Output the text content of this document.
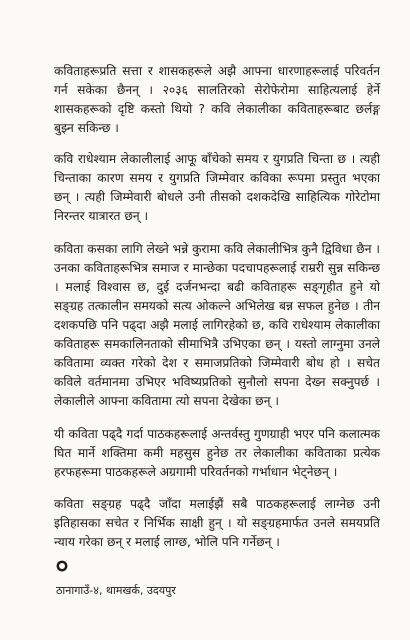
कविताहरूप्रति सत्ता र शासकहरूले अझै आफ्ना धारणाहरूलाई परिवर्तन गर्न सकेका छैनन् । २०३६ सालतिरको सेरोफेरोमा साहित्यलाई हेर्ने शासकहरूको दृष्टि कस्तो थियो ? कवि लेकालीका कविताहरूबाट छर्लङ्ग बुझ्न सकिन्छ ।

कवि राधेश्याम लेकालीलाई आफू बाँचेको समय र युगप्रति चिन्ता छ । त्यही चिन्ताका कारण समय र युगप्रति जिम्मेवार कविका रूपमा प्रस्तुत भएका छन् । त्यही जिम्मेवारी बोधले उनी तीसको दशकदेखि साहित्यिक गोरेटोमा निरन्तर यात्रारत छन् ।

कविता कसका लागि लेख्ने भन्ने कुरामा कवि लेकालीभित्र कुनै द्विविधा छैन । उनका कविताहरूभित्र समाज र मान्छेका पदचापहरूलाई राम्ररी सुन्न सकिन्छ । मलाई विश्वास छ, दुई दर्जनभन्दा बढी कविताहरू सङ्गृहीत हुने यो सङ्ग्रह तत्कालीन समयको सत्य ओकल्ने अभिलेख बन्न सफल हुनेछ । तीन दशकपछि पनि पढ्दा अझै मलाई लागिरहेको छ, कवि राधेश्याम लेकालीका कविताहरू समकालिनताको सीमाभित्रै उभिएका छन् । यस्तो लाग्नुमा उनले कवितामा व्यक्त गरेको देश र समाजप्रतिको जिम्मेवारी बोध हो । सचेत कविले वर्तमानमा उभिएर भविष्यप्रतिको सुनौलो सपना देख्न सक्नुपर्छ । लेकालीले आफ्ना कवितामा त्यो सपना देखेका छन् ।

यी कविता पढ्दै गर्दा पाठकहरूलाई अन्तर्वस्तु गुणग्राही भएर पनि कलात्मक घित मार्ने शक्तिमा कमी महसुस हुनेछ तर लेकालीका कविताका प्रत्येक हरफहरूमा पाठकहरूले अग्रगामी परिवर्तनको गर्भाधान भेट्नेछन् ।

कविता सङ्ग्रह पढ्दै जाँदा मलाईझैं सबै पाठकहरूलाई लाग्नेछ उनी इतिहासका सचेत र निर्भिक साक्षी हुन् । यो सङ्ग्रहमार्फत उनले समयप्रति न्याय गरेका छन् र मलाई लाग्छ, भोलि पनि गर्नेछन् ।

ठानागाउँ-४, थामखर्क, उदयपुर
